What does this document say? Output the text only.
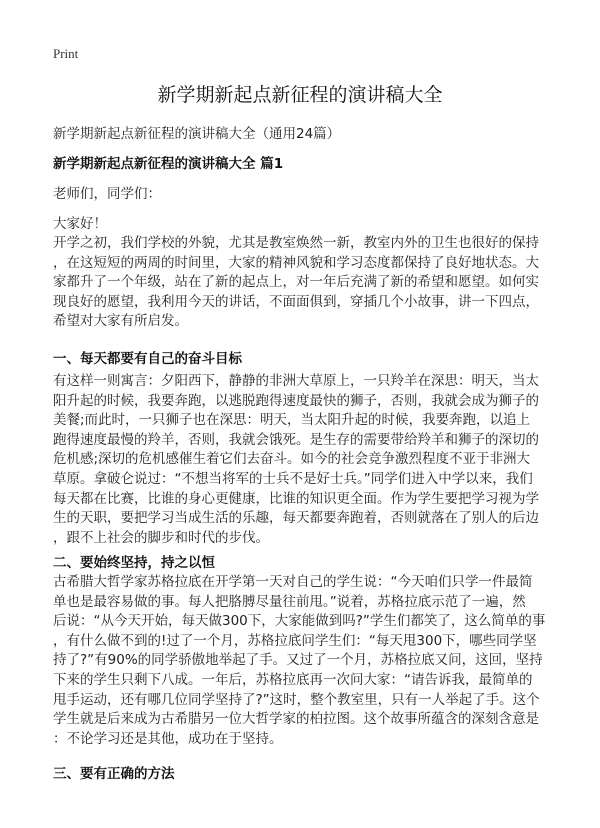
Print
新学期新起点新征程的演讲稿大全
新学期新起点新征程的演讲稿大全（通用24篇）
新学期新起点新征程的演讲稿大全 篇1
老师们，同学们：
大家好！
开学之初，我们学校的外貌，尤其是教室焕然一新，教室内外的卫生也很好的保持
，在这短短的两周的时间里，大家的精神风貌和学习态度都保持了良好地状态。大
家都升了一个年级，站在了新的起点上，对一年后充满了新的希望和愿望。如何实
现良好的愿望，我利用今天的讲话，不面面俱到，穿插几个小故事，讲一下四点，
希望对大家有所启发。
一、每天都要有自己的奋斗目标
有这样一则寓言：夕阳西下，静静的非洲大草原上，一只羚羊在深思：明天，当太
阳升起的时候，我要奔跑，以逃脱跑得速度最快的狮子，否则，我就会成为狮子的
美餐;而此时，一只狮子也在深思：明天，当太阳升起的时候，我要奔跑，以追上
跑得速度最慢的羚羊，否则，我就会饿死。是生存的需要带给羚羊和狮子的深切的
危机感;深切的危机感催生着它们去奋斗。如今的社会竞争激烈程度不亚于非洲大
草原。拿破仑说过：“不想当将军的士兵不是好士兵。”同学们进入中学以来，我们
每天都在比赛，比谁的身心更健康，比谁的知识更全面。作为学生要把学习视为学
生的天职，要把学习当成生活的乐趣，每天都要奔跑着，否则就落在了别人的后边
，跟不上社会的脚步和时代的步伐。
二、要始终坚持，持之以恒
古希腊大哲学家苏格拉底在开学第一天对自己的学生说：“今天咱们只学一件最简
单也是最容易做的事。每人把胳膊尽量往前甩。”说着，苏格拉底示范了一遍，然
后说：“从今天开始，每天做300下，大家能做到吗?”学生们都笑了，这么简单的事
，有什么做不到的!过了一个月，苏格拉底问学生们：“每天甩300下，哪些同学坚
持了?”有90%的同学骄傲地举起了手。又过了一个月，苏格拉底又问，这回，坚持
下来的学生只剩下八成。一年后，苏格拉底再一次问大家：“请告诉我，最简单的
甩手运动，还有哪几位同学坚持了?”这时，整个教室里，只有一人举起了手。这个
学生就是后来成为古希腊另一位大哲学家的柏拉图。这个故事所蕴含的深刻含意是
：不论学习还是其他，成功在于坚持。
三、要有正确的方法
